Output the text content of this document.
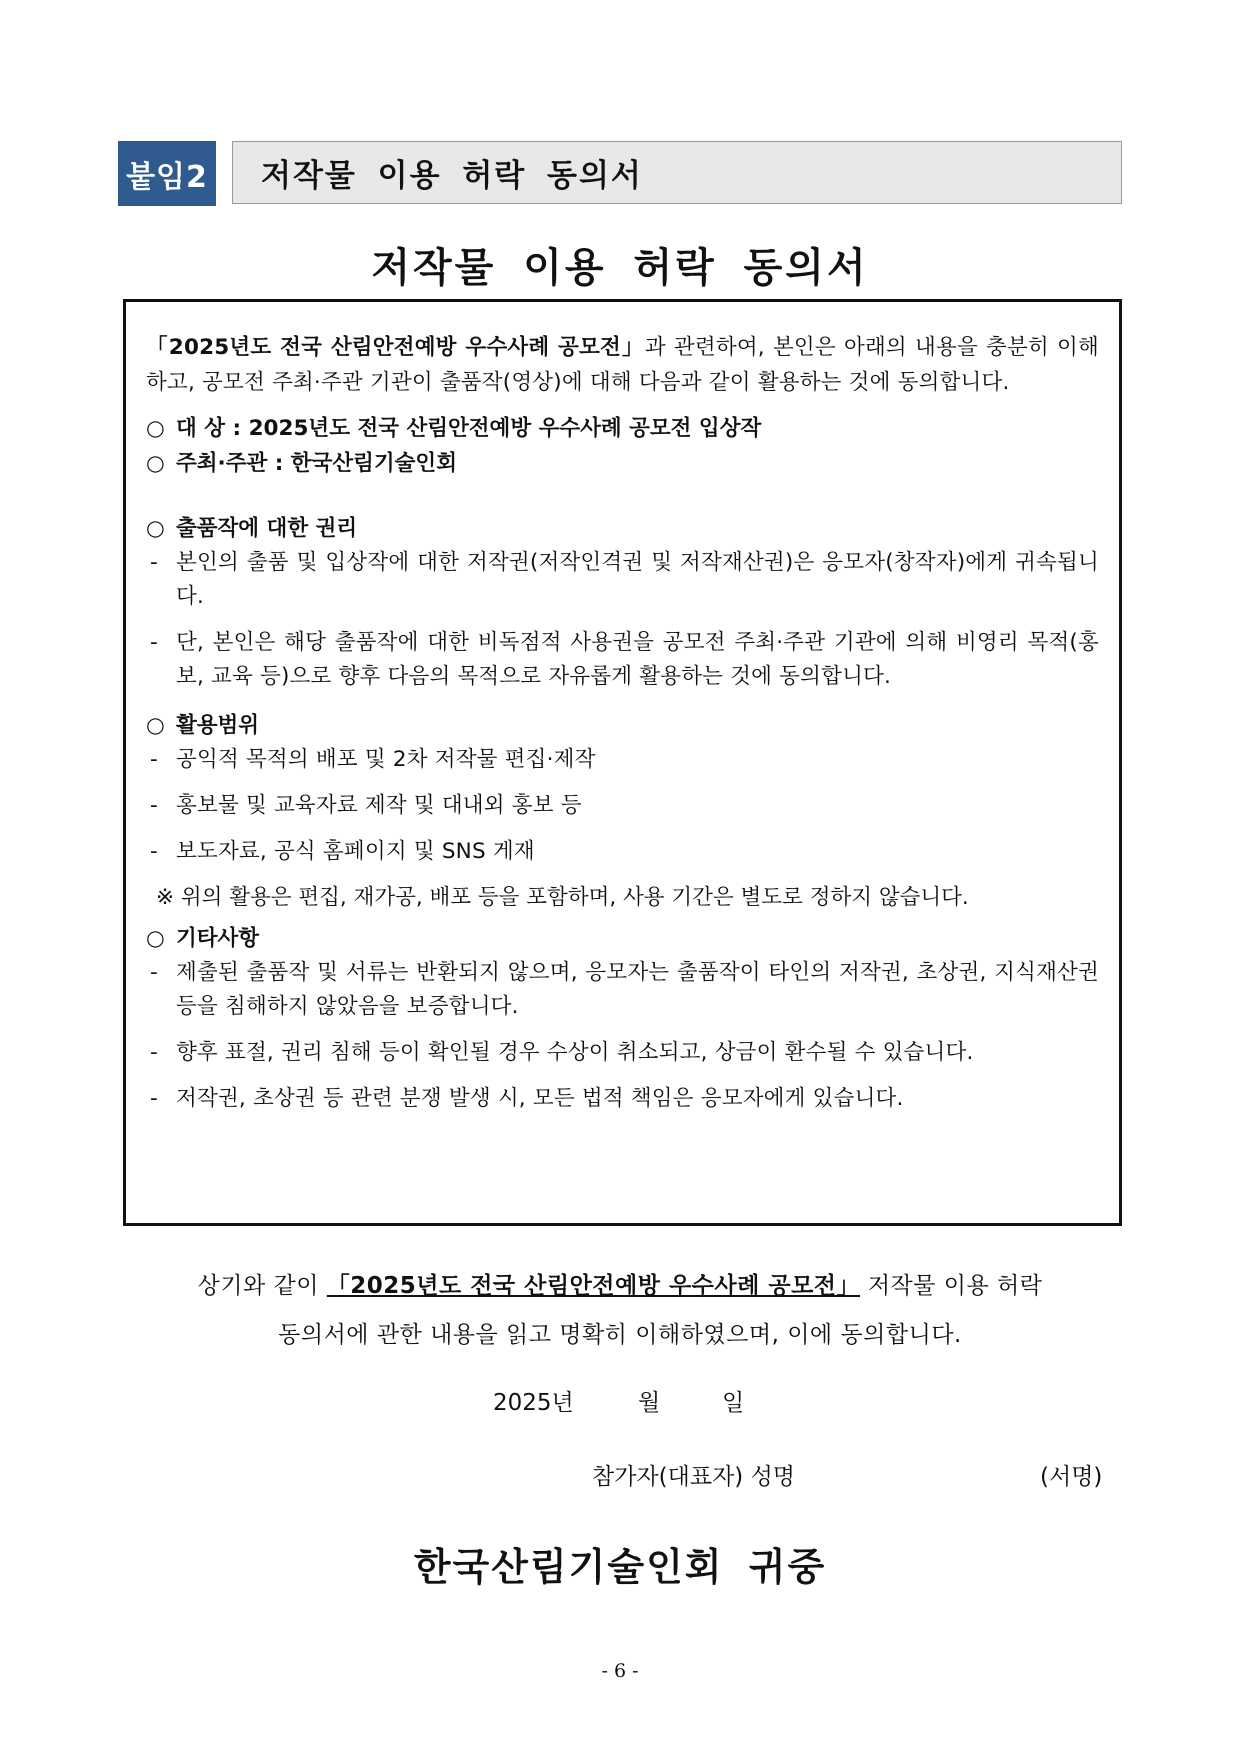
붙임2 저작물 이용 허락 동의서
저작물 이용 허락 동의서

「2025년도 전국 산림안전예방 우수사례 공모전」과 관련하여, 본인은 아래의 내용을 충분히 이해하고, 공모전 주최·주관 기관이 출품작(영상)에 대해 다음과 같이 활용하는 것에 동의합니다.

○ 대 상 : 2025년도 전국 산림안전예방 우수사례 공모전 입상작

○ 주최·주관 : 한국산림기술인회

○ 출품작에 대한 권리

- 본인의 출품 및 입상작에 대한 저작권(저작인격권 및 저작재산권)은 응모자(창작자)에게 귀속됩니다.

- 단, 본인은 해당 출품작에 대한 비독점적 사용권을 공모전 주최·주관 기관에 의해 비영리 목적(홍보, 교육 등)으로 향후 다음의 목적으로 자유롭게 활용하는 것에 동의합니다.

○ 활용범위

- 공익적 목적의 배포 및 2차 저작물 편집·제작

- 홍보물 및 교육자료 제작 및 대내외 홍보 등

- 보도자료, 공식 홈페이지 및 SNS 게재

※ 위의 활용은 편집, 재가공, 배포 등을 포함하며, 사용 기간은 별도로 정하지 않습니다.

○ 기타사항

- 제출된 출품작 및 서류는 반환되지 않으며, 응모자는 출품작이 타인의 저작권, 초상권, 지식재산권 등을 침해하지 않았음을 보증합니다.

- 향후 표절, 권리 침해 등이 확인될 경우 수상이 취소되고, 상금이 환수될 수 있습니다.

- 저작권, 초상권 등 관련 분쟁 발생 시, 모든 법적 책임은 응모자에게 있습니다.

상기와 같이 「2025년도 전국 산림안전예방 우수사례 공모전」 저작물 이용 허락
동의서에 관한 내용을 읽고 명확히 이해하였으며, 이에 동의합니다.
2025년	월	일
참가자(대표자) 성명	(서명)
한국산림기술인회 귀중
- 6 -
